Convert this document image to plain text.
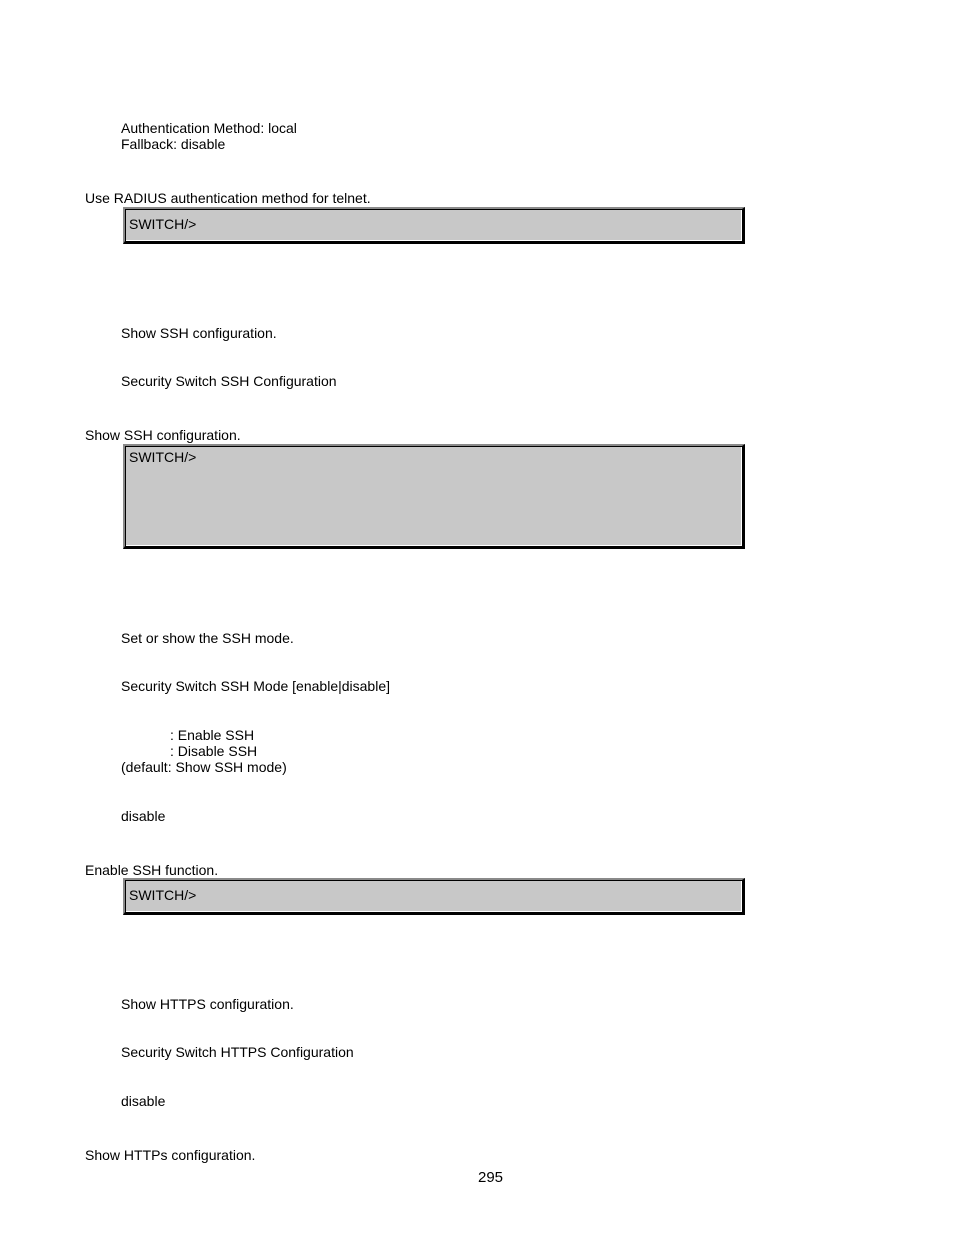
Authentication Method: local
Fallback: disable
Use RADIUS authentication method for telnet.
SWITCH/>
Show SSH configuration.
Security Switch SSH Configuration
Show SSH configuration.
SWITCH/>
Set or show the SSH mode.
Security Switch SSH Mode [enable|disable]
: Enable SSH
: Disable SSH
(default: Show SSH mode)
disable
Enable SSH function.
SWITCH/>
Show HTTPS configuration.
Security Switch HTTPS Configuration
disable
Show HTTPs configuration.
295
